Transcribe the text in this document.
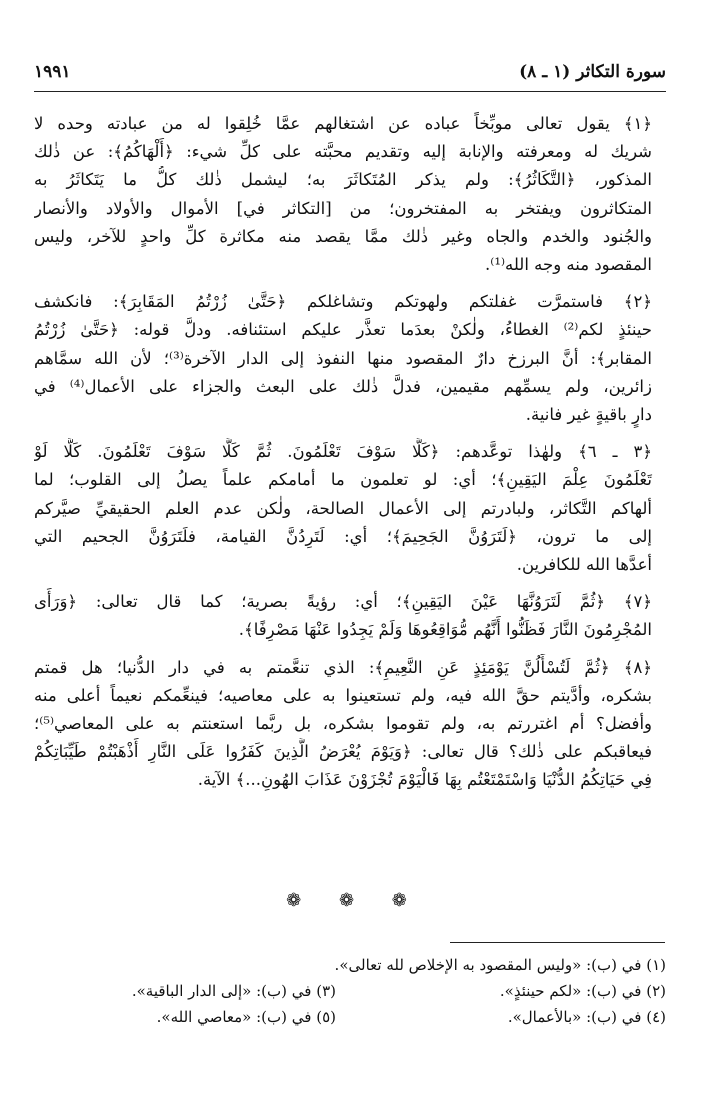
سورة التكاثر (١ ـ ٨)
١٩٩١

﴿١﴾ يقول تعالى موبِّخاً عباده عن اشتغالهم عمَّا خُلِقوا له من عبادته وحده لا
شريك له ومعرفته والإنابة إليه وتقديم محبَّته على كلِّ شيء: ﴿أَلْهَاكُمُ﴾: عن ذٰلك
المذكور، ﴿التَّكَاثُرُ﴾: ولم يذكر المُتَكاثَرَ به؛ ليشمل ذٰلك كلُّ ما يَتَكاثَرُ به
المتكاثرون ويفتخر به المفتخرون؛ من [التكاثر في] الأموال والأولاد والأنصار
والجُنود والخدم والجاه وغير ذٰلك ممَّا يقصد منه مكاثرة كلِّ واحدٍ للآخر، وليس
المقصود منه وجه الله⁽¹⁾.

﴿٢﴾ فاستمرَّت غفلتكم ولهوتكم وتشاغلكم ﴿حَتَّىٰ زُرْتُمُ المَقَابِرَ﴾: فانكشف
حينئذٍ لكم⁽²⁾ الغطاءُ، ولٰكنْ بعدَما تعذَّر عليكم استئنافه. ودلَّ قوله: ﴿حَتَّىٰ زُرْتُمُ
المقابر﴾: أنَّ البرزخ دارٌ المقصود منها النفوذ إلى الدار الآخرة⁽³⁾؛ لأن الله سمَّاهم
زائرين، ولم يسمِّهم مقيمين، فدلَّ ذٰلك على البعث والجزاء على الأعمال⁽⁴⁾ في
دارٍ باقيةٍ غير فانية.

﴿٣ ـ ٦﴾ ولهٰذا توعَّدهم: ﴿كَلَّا سَوْفَ تَعْلَمُونَ. ثُمَّ كَلَّا سَوْفَ تَعْلَمُونَ. كَلَّا لَوْ
تَعْلَمُونَ عِلْمَ اليَقِينِ﴾؛ أي: لو تعلمون ما أمامكم علماً يصلُ إلى القلوب؛ لما
ألهاكم التَّكاثر، ولبادرتم إلى الأعمال الصالحة، ولٰكن عدم العلم الحقيقيِّ صيَّركم
إلى ما ترون، ﴿لَتَرَوُنَّ الجَحِيمَ﴾؛ أي: لَتَرِدُنَّ القيامة، فلَتَرَوُنَّ الجحيم التي
أعدَّها الله للكافرين.

﴿٧﴾ ﴿ثُمَّ لَتَرَوُنَّهَا عَيْنَ اليَقِينِ﴾؛ أي: رؤيةً بصرية؛ كما قال تعالى: ﴿وَرَأَى
المُجْرِمُونَ النَّارَ فَظَنُّوا أَنَّهُم مُّوَاقِعُوهَا وَلَمْ يَجِدُوا عَنْهَا مَصْرِفًا﴾.

﴿٨﴾ ﴿ثُمَّ لَتُسْأَلُنَّ يَوْمَئِذٍ عَنِ النَّعِيمِ﴾: الذي تنعَّمتم به في دار الدُّنيا؛ هل قمتم
بشكره، وأدَّيتم حقَّ الله فيه، ولم تستعينوا به على معاصيه؛ فينعِّمكم نعيماً أعلى منه
وأفضل؟ أم اغتررتم به، ولم تقوموا بشكره، بل ربَّما استعنتم به على المعاصي⁽⁵⁾؛
فيعاقبكم على ذٰلك؟ قال تعالى: ﴿وَيَوْمَ يُعْرَضُ الَّذِينَ كَفَرُوا عَلَى النَّارِ أَذْهَبْتُمْ طَيِّبَاتِكُمْ
فِي حَيَاتِكُمُ الدُّنْيَا وَاسْتَمْتَعْتُم بِهَا فَالْيَوْمَ تُجْزَوْنَ عَذَابَ الهُونِ...﴾ الآية.

❁ ❁ ❁
(١) في (ب): «وليس المقصود به الإخلاص لله تعالى».
(٢) في (ب): «لكم حينئذٍ».
(٣) في (ب): «إلى الدار الباقية».
(٤) في (ب): «بالأعمال».
(٥) في (ب): «معاصي الله».
